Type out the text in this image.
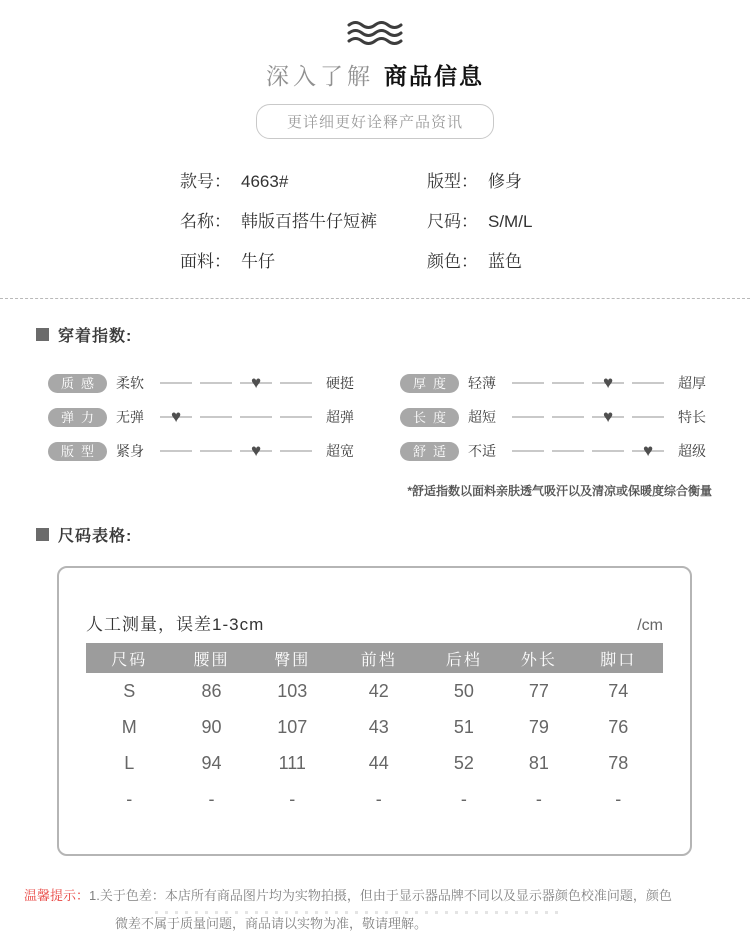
深入了解 商品信息
更详细更好诠释产品资讯
款号： 4663#	版型： 修身
名称： 韩版百搭牛仔短裤	尺码： S/M/L
面料： 牛仔	颜色： 蓝色
穿着指数:
质感	柔软 ♥	硬挺
弹力	无弹 ♥	超弹
版型	紧身 ♥	超宽
厚度	轻薄 ♥	超厚
长度	超短 ♥	特长
舒适	不适 ♥	超级
*舒适指数以面料亲肤透气吸汗以及清凉或保暖度综合衡量
尺码表格:
人工测量，误差1-3cm	/cm
尺码	腰围	臀围	前档	后档	外长	脚口
S	86	103	42	50	77	74
M	90	107	43	51	79	76
L	94	111	44	52	81	78
-	-	-	-	-	-	-
温馨提示： 1.关于色差：本店所有商品图片均为实物拍摄，但由于显示器品牌不同以及显示器颜色校准问题，颜色
微差不属于质量问题，商品请以实物为准，敬请理解。
